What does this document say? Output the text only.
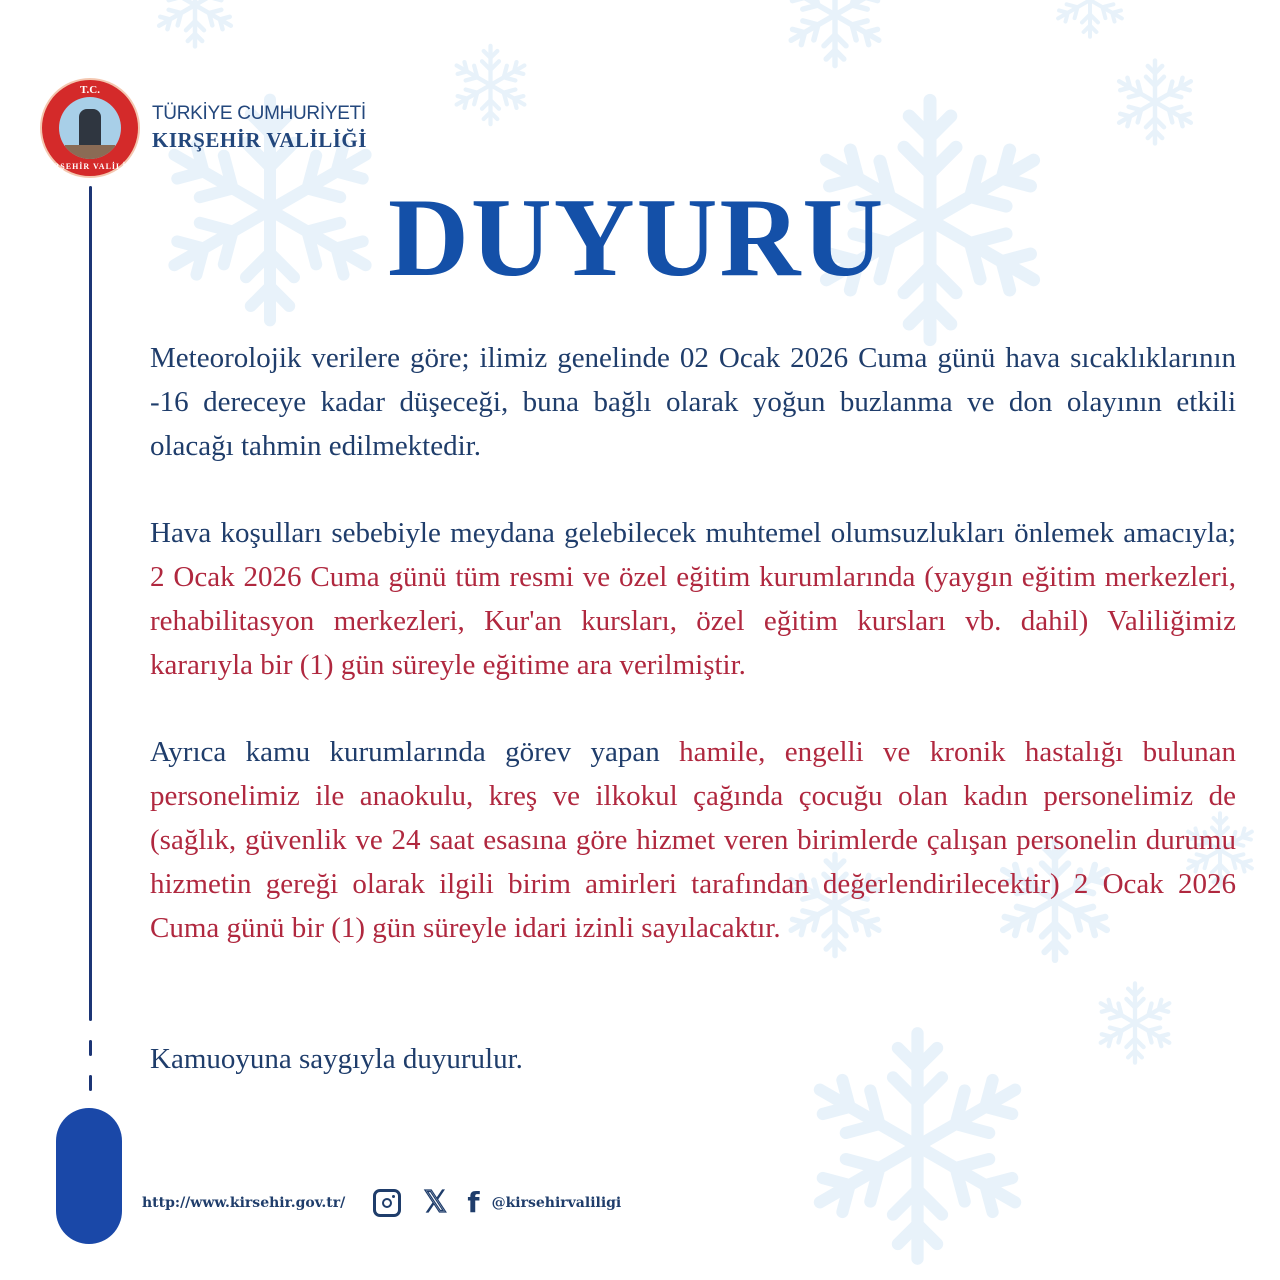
T.C.
KIRŞEHİR VALİLİĞİ
TÜRKİYE CUMHURİYETİ
KIRŞEHİR VALİLİĞİ
DUYURU

Meteorolojik verilere göre; ilimiz genelinde 02 Ocak 2026 Cuma günü hava sıcaklıklarının -16 dereceye kadar düşeceği, buna bağlı olarak yoğun buzlanma ve don olayının etkili olacağı tahmin edilmektedir.

Hava koşulları sebebiyle meydana gelebilecek muhtemel olumsuzlukları önlemek amacıyla; 2 Ocak 2026 Cuma günü tüm resmi ve özel eğitim kurumlarında (yaygın eğitim merkezleri, rehabilitasyon merkezleri, Kur'an kursları, özel eğitim kursları vb. dahil) Valiliğimiz kararıyla bir (1) gün süreyle eğitime ara verilmiştir.

Ayrıca kamu kurumlarında görev yapan hamile, engelli ve kronik hastalığı bulunan personelimiz ile anaokulu, kreş ve ilkokul çağında çocuğu olan kadın personelimiz de (sağlık, güvenlik ve 24 saat esasına göre hizmet veren birimlerde çalışan personelin durumu hizmetin gereği olarak ilgili birim amirleri tarafından değerlendirilecektir) 2 Ocak 2026 Cuma günü bir (1) gün süreyle idari izinli sayılacaktır.

Kamuoyuna saygıyla duyurulur.

http://www.kirsehir.gov.tr/	𝕏 f @kirsehirvaliligi
